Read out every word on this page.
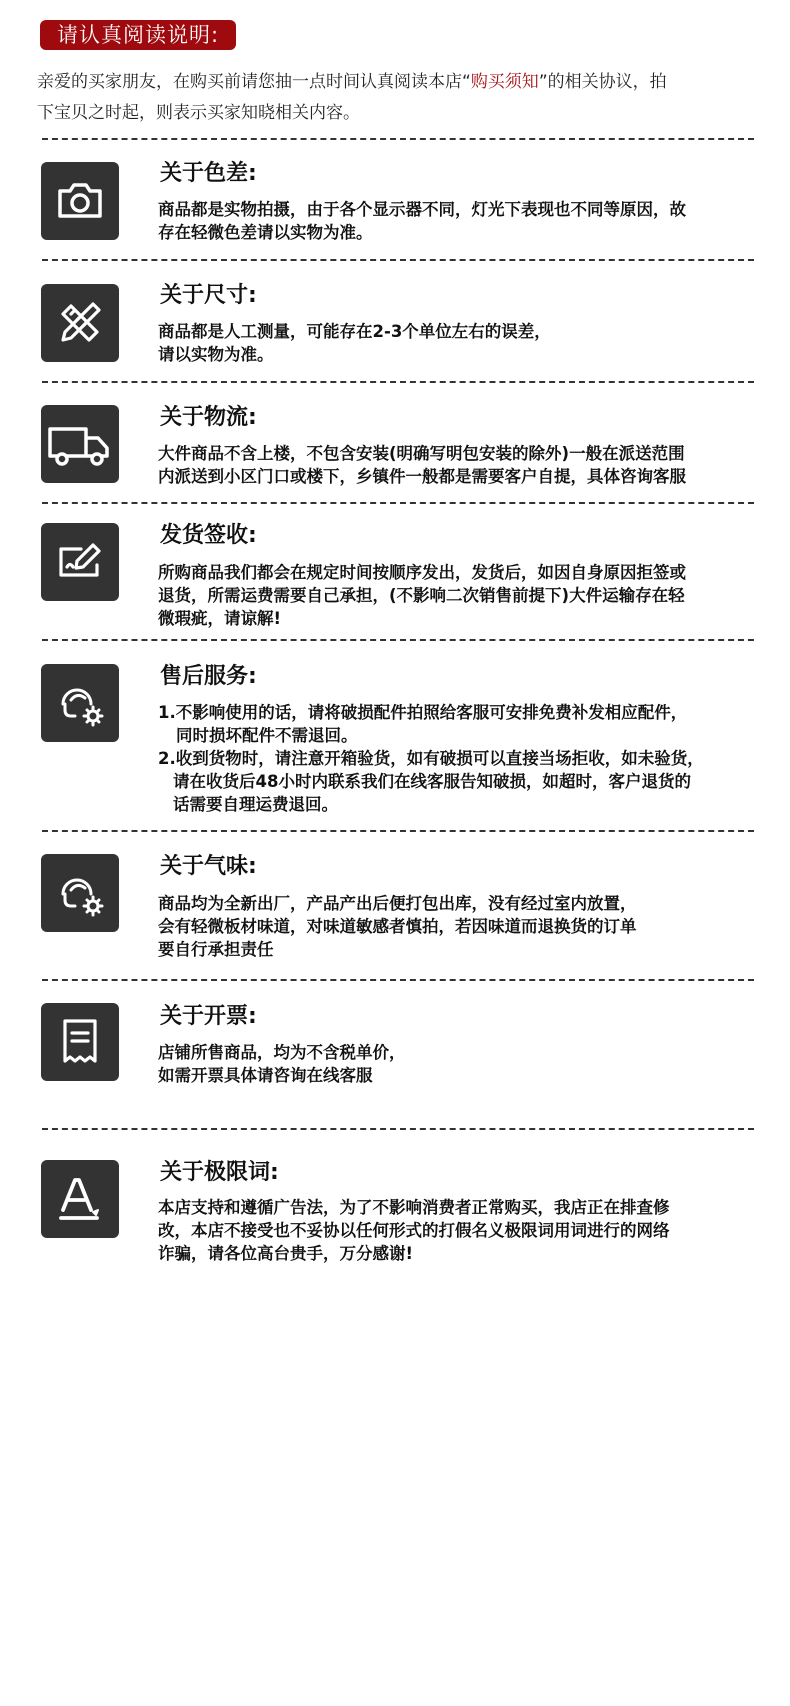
请认真阅读说明:
亲爱的买家朋友，在购买前请您抽一点时间认真阅读本店“购买须知”的相关协议，拍
下宝贝之时起，则表示买家知晓相关内容。
关于色差:
商品都是实物拍摄，由于各个显示器不同，灯光下表现也不同等原因，故
存在轻微色差请以实物为准。
关于尺寸:
商品都是人工测量，可能存在2-3个单位左右的误差，
请以实物为准。
关于物流:
大件商品不含上楼，不包含安装(明确写明包安装的除外)一般在派送范围
内派送到小区门口或楼下，乡镇件一般都是需要客户自提，具体咨询客服
发货签收:
所购商品我们都会在规定时间按顺序发出，发货后，如因自身原因拒签或
退货，所需运费需要自己承担，(不影响二次销售前提下)大件运输存在轻
微瑕疵，请谅解!
售后服务:
1.不影响使用的话，请将破损配件拍照给客服可安排免费补发相应配件，
同时损坏配件不需退回。
2.收到货物时，请注意开箱验货，如有破损可以直接当场拒收，如未验货，
请在收货后48小时内联系我们在线客服告知破损，如超时，客户退货的
话需要自理运费退回。
关于气味:
商品均为全新出厂，产品产出后便打包出库，没有经过室内放置，
会有轻微板材味道，对味道敏感者慎拍，若因味道而退换货的订单
要自行承担责任
关于开票:
店铺所售商品，均为不含税单价，
如需开票具体请咨询在线客服
关于极限词:
本店支持和遵循广告法，为了不影响消费者正常购买，我店正在排查修
改，本店不接受也不妥协以任何形式的打假名义极限词用词进行的网络
诈骗，请各位高台贵手，万分感谢!
